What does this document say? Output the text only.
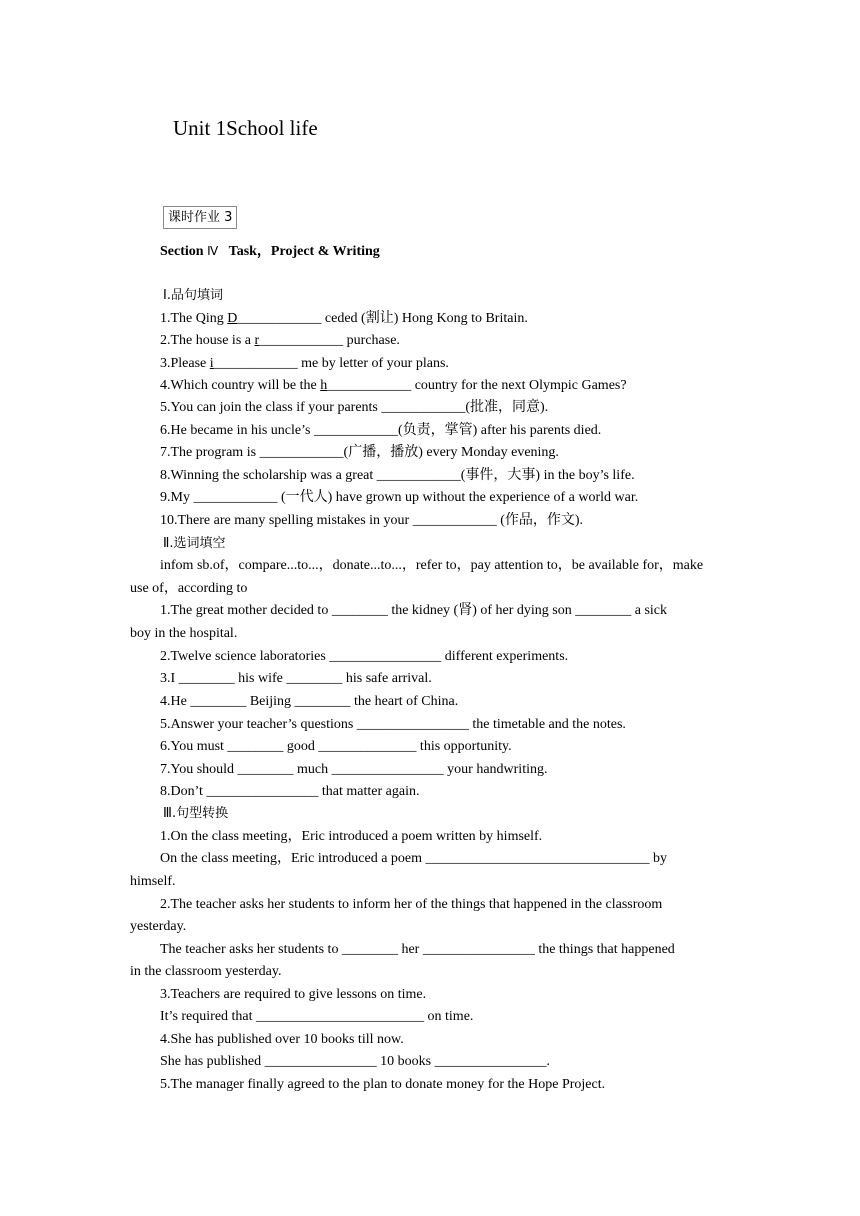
Unit 1School life
课时作业 3
Section Ⅳ Task，Project & Writing
Ⅰ.品句填词
1.The Qing D____________ ceded (割让) Hong Kong to Britain.
2.The house is a r____________ purchase.
3.Please i____________ me by letter of your plans.
4.Which country will be the h____________ country for the next Olympic Games?
5.You can join the class if your parents ____________(批准，同意).
6.He became in his uncle’s ____________(负责，掌管) after his parents died.
7.The program is ____________(广播，播放) every Monday evening.
8.Winning the scholarship was a great ____________(事件，大事) in the boy’s life.
9.My ____________ (一代人) have grown up without the experience of a world war.
10.There are many spelling mistakes in your ____________ (作品，作文).
Ⅱ.选词填空
infom sb.of，compare...to...，donate...to...，refer to，pay attention to，be available for，make
use of，according to
1.The great mother decided to ________ the kidney (肾) of her dying son ________ a sick
boy in the hospital.
2.Twelve science laboratories ________________ different experiments.
3.I ________ his wife ________ his safe arrival.
4.He ________ Beijing ________ the heart of China.
5.Answer your teacher’s questions ________________ the timetable and the notes.
6.You must ________ good ______________ this opportunity.
7.You should ________ much ________________ your handwriting.
8.Don’t ________________ that matter again.
Ⅲ.句型转换
1.On the class meeting，Eric introduced a poem written by himself.
On the class meeting，Eric introduced a poem ________________________________ by
himself.
2.The teacher asks her students to inform her of the things that happened in the classroom
yesterday.
The teacher asks her students to ________ her ________________ the things that happened
in the classroom yesterday.
3.Teachers are required to give lessons on time.
It’s required that ________________________ on time.
4.She has published over 10 books till now.
She has published ________________ 10 books ________________.
5.The manager finally agreed to the plan to donate money for the Hope Project.
